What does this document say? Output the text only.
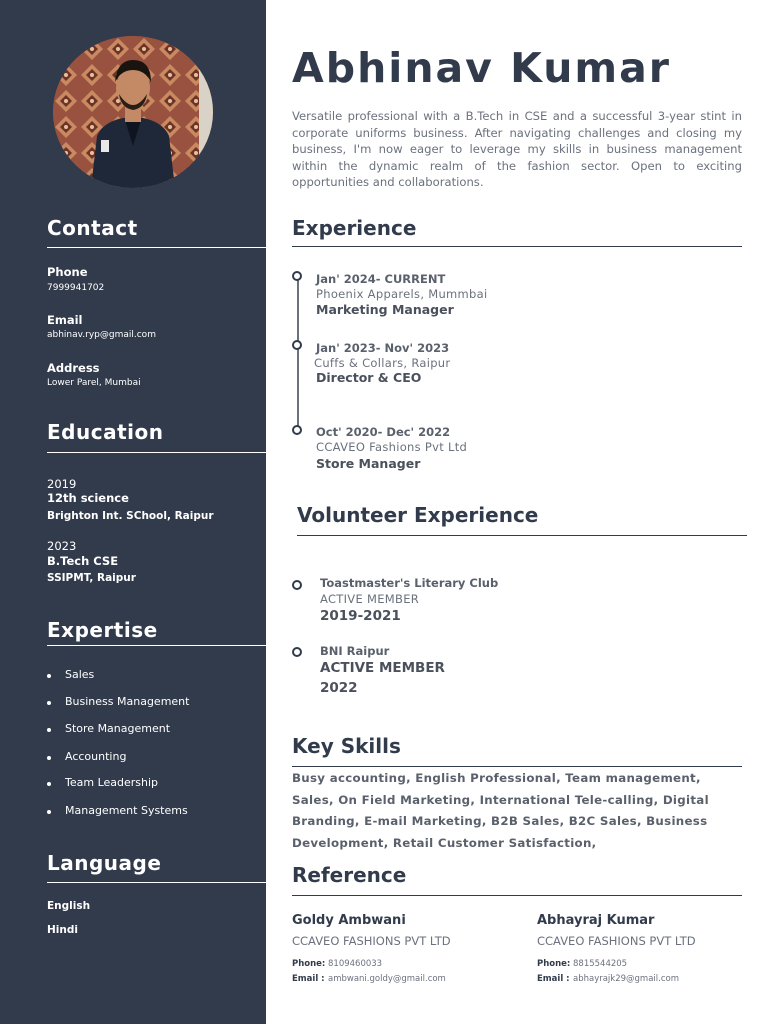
Contact
Phone
7999941702
Email
abhinav.ryp@gmail.com
Address
Lower Parel, Mumbai
Education
2019
12th science
Brighton Int. SChool, Raipur
2023
B.Tech CSE
SSIPMT, Raipur
Expertise
Sales
Business Management
Store Management
Accounting
Team Leadership
Management Systems
Language
English
Hindi
Abhinav Kumar
Versatile professional with a B.Tech in CSE and a successful 3-year stint in corporate uniforms business. After navigating challenges and closing my business, I'm now eager to leverage my skills in business management within the dynamic realm of the fashion sector. Open to exciting opportunities and collaborations.
Experience
Jan' 2024- CURRENT
Phoenix Apparels, Mummbai
Marketing Manager
Jan' 2023- Nov' 2023
Cuffs & Collars, Raipur
Director & CEO
Oct' 2020- Dec' 2022
CCAVEO Fashions Pvt Ltd
Store Manager
Volunteer Experience
Toastmaster's Literary Club
ACTIVE MEMBER
2019-2021
BNI Raipur
ACTIVE MEMBER
2022
Key Skills
Busy accounting, English Professional, Team management, Sales, On Field Marketing, International Tele-calling, Digital Branding, E-mail Marketing, B2B Sales, B2C Sales, Business Development, Retail Customer Satisfaction,
Reference
Goldy Ambwani
CCAVEO FASHIONS PVT LTD
Phone: 8109460033
Email : ambwani.goldy@gmail.com
Abhayraj Kumar
CCAVEO FASHIONS PVT LTD
Phone: 8815544205
Email : abhayrajk29@gmail.com
